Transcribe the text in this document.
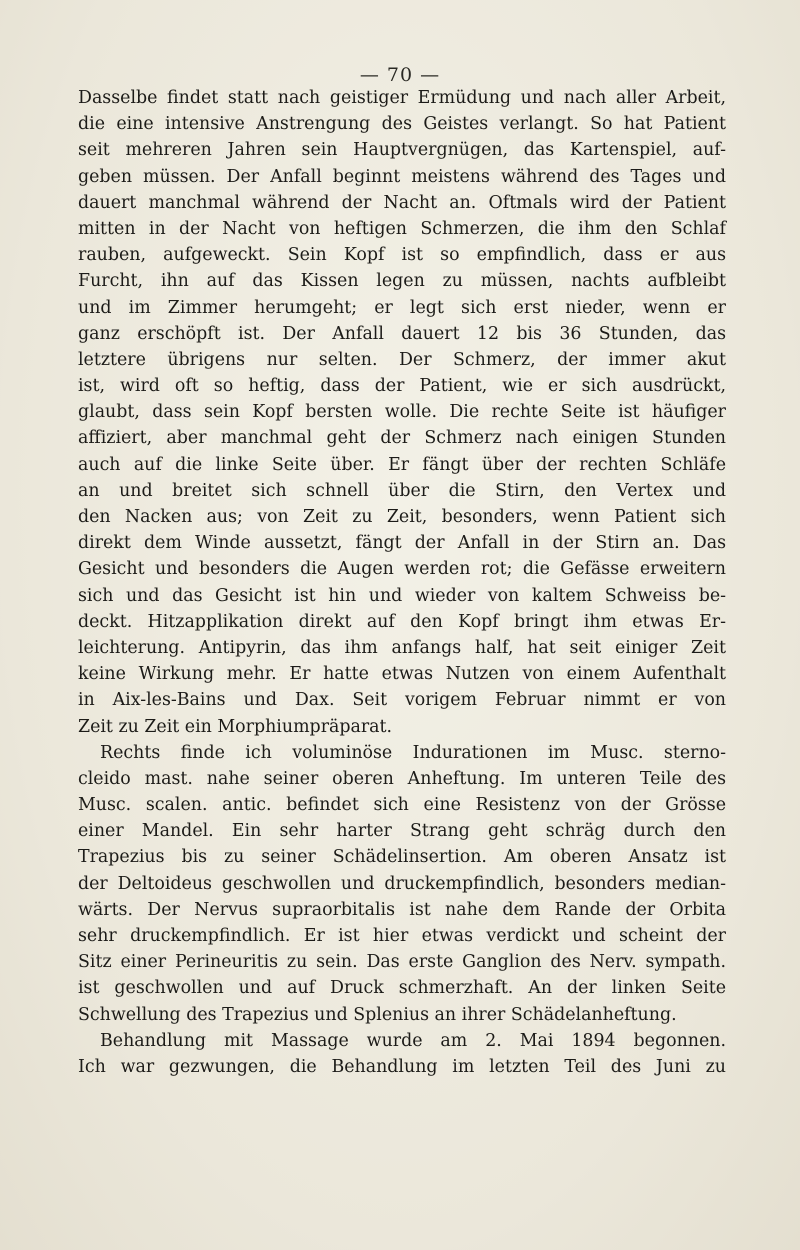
— 70 —
Dasselbe findet statt nach geistiger Ermüdung und nach aller Arbeit,
die eine intensive Anstrengung des Geistes verlangt. So hat Patient
seit mehreren Jahren sein Hauptvergnügen, das Kartenspiel, auf-
geben müssen. Der Anfall beginnt meistens während des Tages und
dauert manchmal während der Nacht an. Oftmals wird der Patient
mitten in der Nacht von heftigen Schmerzen, die ihm den Schlaf
rauben, aufgeweckt. Sein Kopf ist so empfindlich, dass er aus
Furcht, ihn auf das Kissen legen zu müssen, nachts aufbleibt
und im Zimmer herumgeht; er legt sich erst nieder, wenn er
ganz erschöpft ist. Der Anfall dauert 12 bis 36 Stunden, das
letztere übrigens nur selten. Der Schmerz, der immer akut
ist, wird oft so heftig, dass der Patient, wie er sich ausdrückt,
glaubt, dass sein Kopf bersten wolle. Die rechte Seite ist häufiger
affiziert, aber manchmal geht der Schmerz nach einigen Stunden
auch auf die linke Seite über. Er fängt über der rechten Schläfe
an und breitet sich schnell über die Stirn, den Vertex und
den Nacken aus; von Zeit zu Zeit, besonders, wenn Patient sich
direkt dem Winde aussetzt, fängt der Anfall in der Stirn an. Das
Gesicht und besonders die Augen werden rot; die Gefässe erweitern
sich und das Gesicht ist hin und wieder von kaltem Schweiss be-
deckt. Hitzapplikation direkt auf den Kopf bringt ihm etwas Er-
leichterung. Antipyrin, das ihm anfangs half, hat seit einiger Zeit
keine Wirkung mehr. Er hatte etwas Nutzen von einem Aufenthalt
in Aix-les-Bains und Dax. Seit vorigem Februar nimmt er von
Zeit zu Zeit ein Morphiumpräparat.
Rechts finde ich voluminöse Indurationen im Musc. sterno-
cleido mast. nahe seiner oberen Anheftung. Im unteren Teile des
Musc. scalen. antic. befindet sich eine Resistenz von der Grösse
einer Mandel. Ein sehr harter Strang geht schräg durch den
Trapezius bis zu seiner Schädelinsertion. Am oberen Ansatz ist
der Deltoideus geschwollen und druckempfindlich, besonders median-
wärts. Der Nervus supraorbitalis ist nahe dem Rande der Orbita
sehr druckempfindlich. Er ist hier etwas verdickt und scheint der
Sitz einer Perineuritis zu sein. Das erste Ganglion des Nerv. sympath.
ist geschwollen und auf Druck schmerzhaft. An der linken Seite
Schwellung des Trapezius und Splenius an ihrer Schädelanheftung.
Behandlung mit Massage wurde am 2. Mai 1894 begonnen.
Ich war gezwungen, die Behandlung im letzten Teil des Juni zu
